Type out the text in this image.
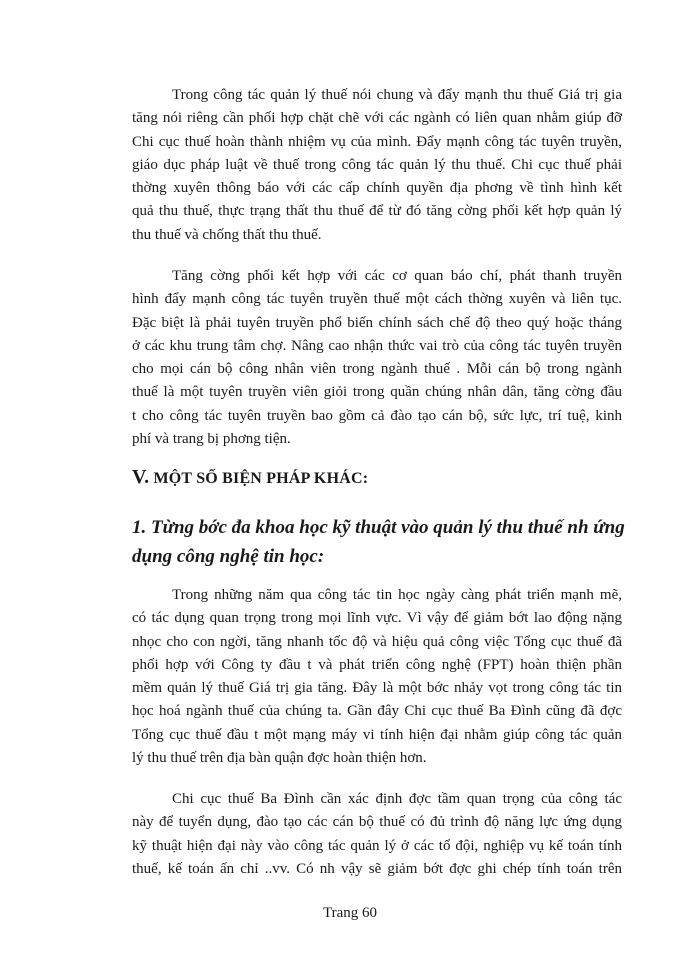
Trong công tác quản lý thuế nói chung và đẩy mạnh thu thuế Giá trị gia
tăng nói riêng cần phối hợp chặt chẽ với các ngành có liên quan nhằm giúp đỡ
Chi cục thuế hoàn thành nhiệm vụ của mình. Đẩy mạnh công tác tuyên truyền,
giáo dục pháp luật về thuế trong công tác quản lý thu thuế. Chi cục thuế phải
thờng xuyên thông báo với các cấp chính quyền địa phơng về tình hình kết
quả thu thuế, thực trạng thất thu thuế để từ đó tăng cờng phối kết hợp quản lý
thu thuế và chống thất thu thuế.

Tăng cờng phối kết hợp với các cơ quan báo chí, phát thanh truyền
hình đẩy mạnh công tác tuyên truyền thuế một cách thờng xuyên và liên tục.
Đặc biệt là phải tuyên truyền phổ biến chính sách chế độ theo quý hoặc tháng
ở các khu trung tâm chợ. Nâng cao nhận thức vai trò của công tác tuyên truyền
cho mọi cán bộ công nhân viên trong ngành thuế . Mỗi cán bộ trong ngành
thuế là một tuyên truyền viên giỏi trong quần chúng nhân dân, tăng cờng đầu
t cho công tác tuyên truyền bao gồm cả đào tạo cán bộ, sức lực, trí tuệ, kinh
phí và trang bị phơng tiện.

V. MỘT SỐ BIỆN PHÁP KHÁC:
1. Từng bớc đa khoa học kỹ thuật vào quản lý thu thuế nh ứng
dụng công nghệ tin học:

Trong những năm qua công tác tin học ngày càng phát triển mạnh mẽ,
có tác dụng quan trọng trong mọi lĩnh vực. Vì vậy để giảm bớt lao động nặng
nhọc cho con ngời, tăng nhanh tốc độ và hiệu quả công việc Tổng cục thuế đã
phối hợp với Công ty đầu t và phát triển công nghệ (FPT) hoàn thiện phần
mềm quản lý thuế Giá trị gia tăng. Đây là một bớc nhảy vọt trong công tác tin
học hoá ngành thuế của chúng ta. Gần đây Chi cục thuế Ba Đình cũng đã đợc
Tổng cục thuế đầu t một mạng máy vi tính hiện đại nhằm giúp công tác quản
lý thu thuế trên địa bàn quận đợc hoàn thiện hơn.

Chi cục thuế Ba Đình cần xác định đợc tầm quan trọng của công tác
này để tuyển dụng, đào tạo các cán bộ thuế có đủ trình độ năng lực ứng dụng
kỹ thuật hiện đại này vào công tác quản lý ở các tổ đội, nghiệp vụ kế toán tính
thuế, kế toán ấn chỉ ..vv. Có nh vậy sẽ giảm bớt đợc ghi chép tính toán trên

Trang 60
